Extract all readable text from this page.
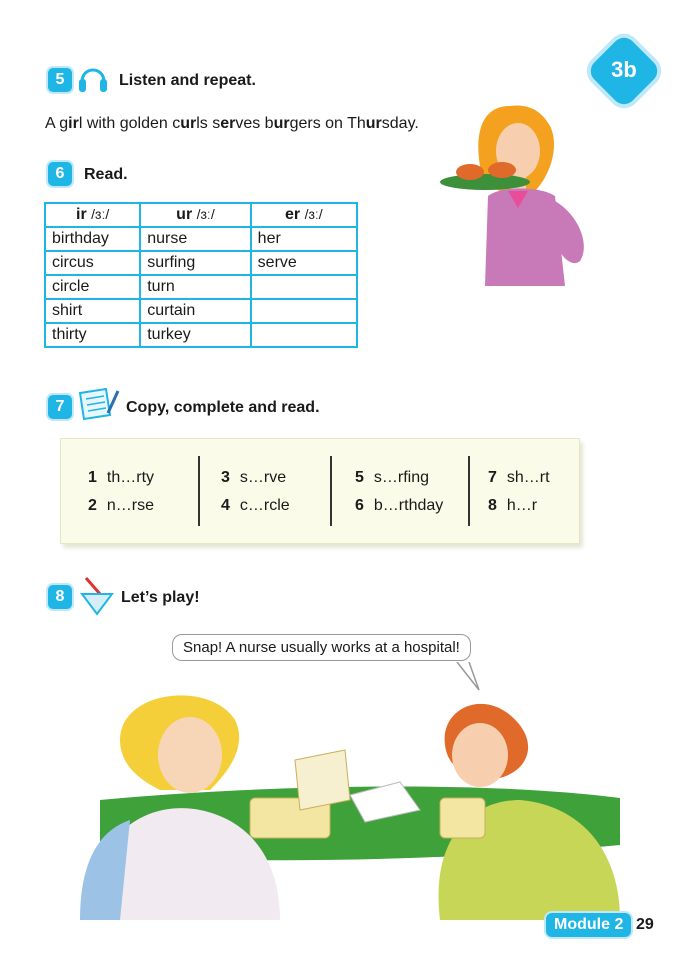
3b
5	Listen and repeat.
A girl with golden curls serves burgers on Thursday.
6	Read.
ir /ɜː/	ur /ɜː/	er /ɜː/
birthday	nurse	her
circus	surfing	serve
circle	turn	
shirt	curtain	
thirty	turkey	
7	Copy, complete and read.
1 th…rty
2 n…rse
3 s…rve
4 c…rcle
5 s…rfing
6 b…rthday
7 sh…rt
8 h…r
8	Let’s play!
Snap! A nurse usually works at a hospital!
Module 2 29
